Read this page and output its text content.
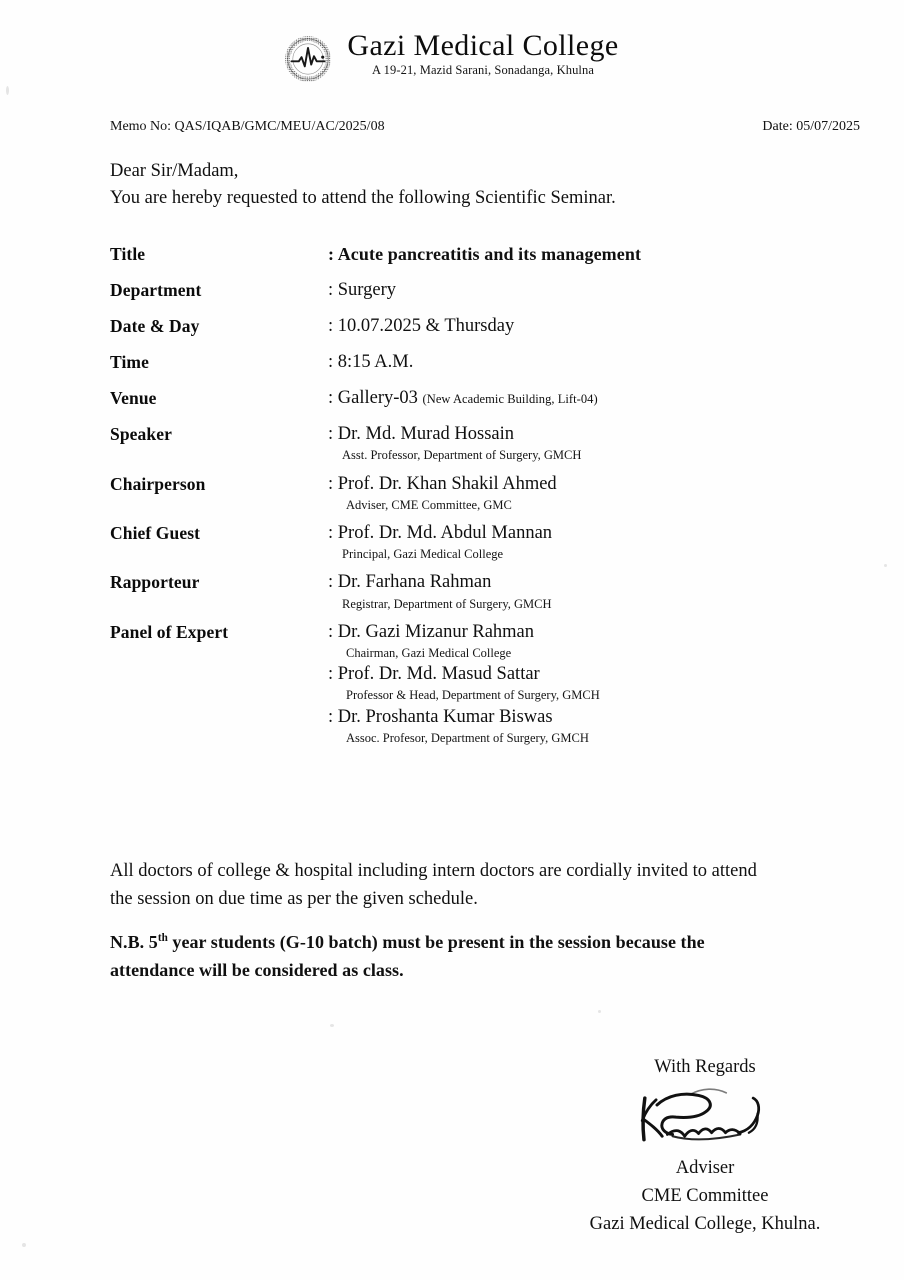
Gazi Medical College
A 19-21, Mazid Sarani, Sonadanga, Khulna
Memo No: QAS/IQAB/GMC/MEU/AC/2025/08	Date: 05/07/2025
Dear Sir/Madam,
You are hereby requested to attend the following Scientific Seminar.
Title	: Acute pancreatitis and its management
Department	: Surgery
Date & Day	: 10.07.2025 & Thursday
Time	: 8:15 A.M.
Venue	: Gallery-03 (New Academic Building, Lift-04)
Speaker	: Dr. Md. Murad Hossain
Asst. Professor, Department of Surgery, GMCH
Chairperson	: Prof. Dr. Khan Shakil Ahmed
Adviser, CME Committee, GMC
Chief Guest	: Prof. Dr. Md. Abdul Mannan
Principal, Gazi Medical College
Rapporteur	: Dr. Farhana Rahman
Registrar, Department of Surgery, GMCH
Panel of Expert	: Dr. Gazi Mizanur Rahman
Chairman, Gazi Medical College
: Prof. Dr. Md. Masud Sattar
Professor & Head, Department of Surgery, GMCH
: Dr. Proshanta Kumar Biswas
Assoc. Profesor, Department of Surgery, GMCH
All doctors of college & hospital including intern doctors are cordially invited to attend
the session on due time as per the given schedule.
N.B. 5th year students (G-10 batch) must be present in the session because the
attendance will be considered as class.
With Regards
Adviser
CME Committee
Gazi Medical College, Khulna.
